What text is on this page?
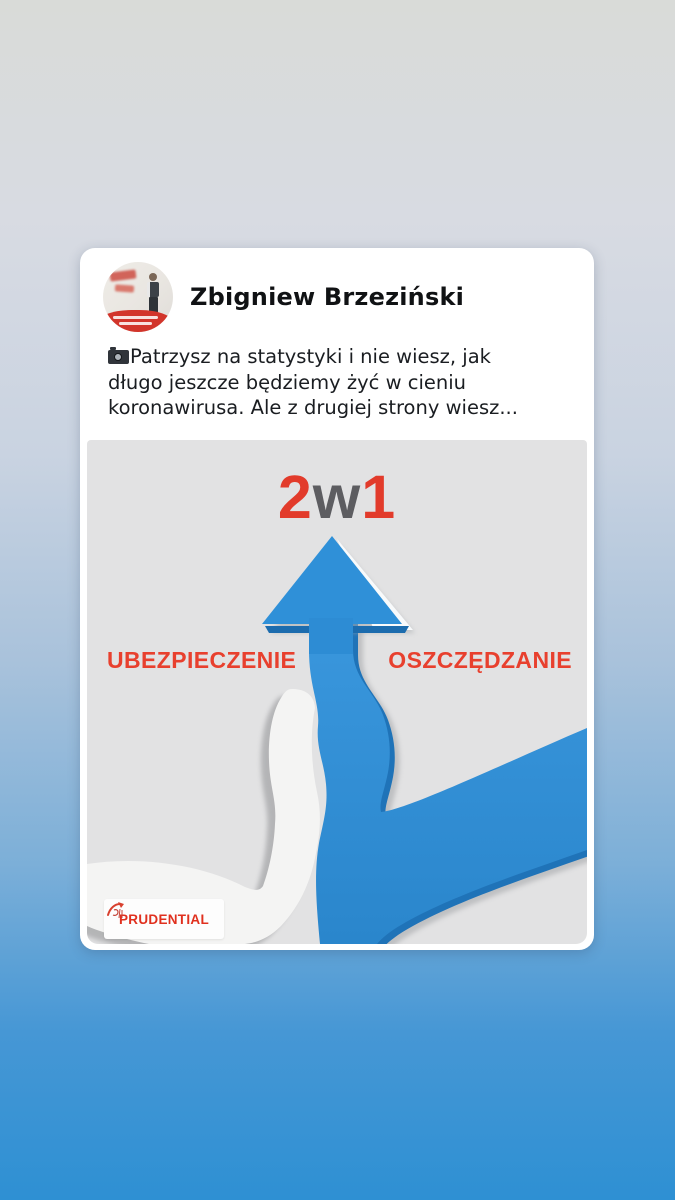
Zbigniew Brzeziński
Patrzysz na statystyki i nie wiesz, jak
długo jeszcze będziemy żyć w cieniu
koronawirusa. Ale z drugiej strony wiesz...
2w1
UBEZPIECZENIE	OSZCZĘDZANIE
PRUDENTIAL
